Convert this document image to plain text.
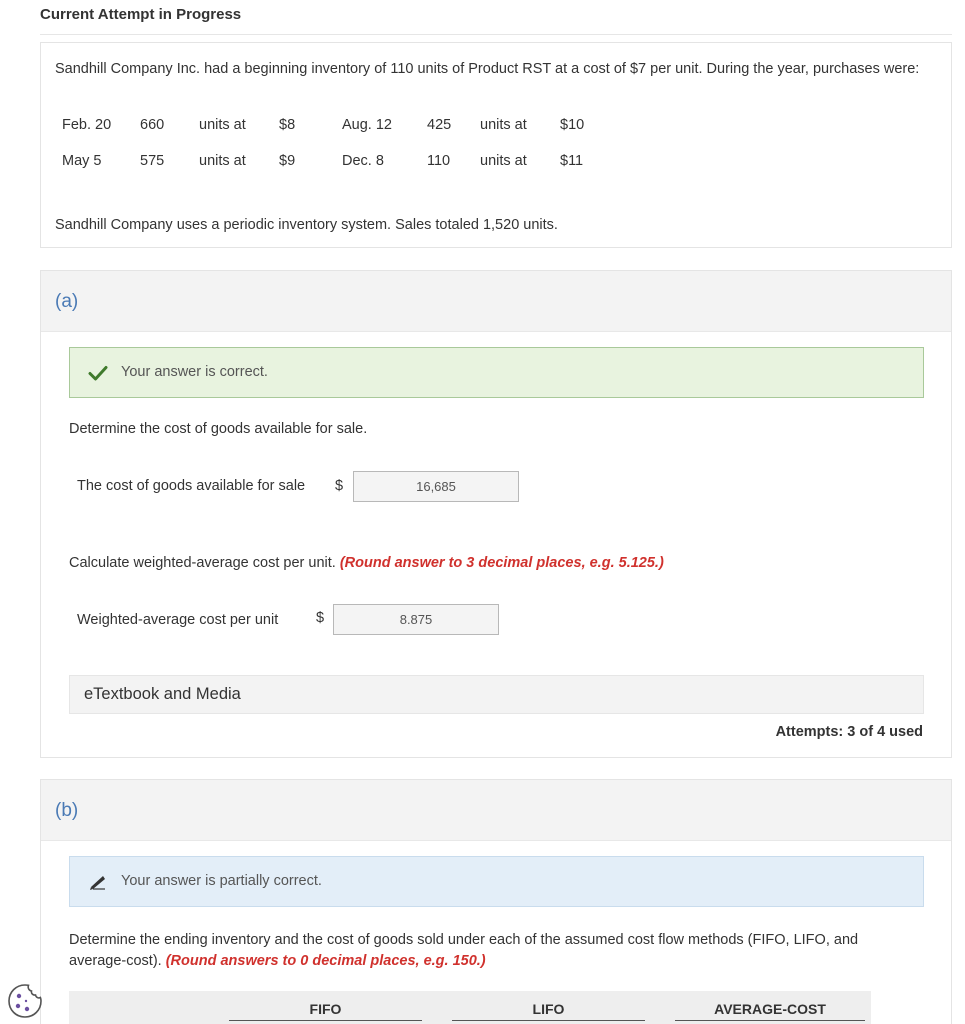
Current Attempt in Progress
Sandhill Company Inc. had a beginning inventory of 110 units of Product RST at a cost of $7 per unit. During the year, purchases were:
Feb. 20	660	units at	$8	Aug. 12	425	units at	$10
May 5	575	units at	$9	Dec. 8	110	units at	$11
Sandhill Company uses a periodic inventory system. Sales totaled 1,520 units.
(a)
Your answer is correct.
Determine the cost of goods available for sale.
The cost of goods available for sale $
16,685
Calculate weighted-average cost per unit. (Round answer to 3 decimal places, e.g. 5.125.)
Weighted-average cost per unit	$
8.875
eTextbook and Media
Attempts: 3 of 4 used
(b)
Your answer is partially correct.
Determine the ending inventory and the cost of goods sold under each of the assumed cost flow methods (FIFO, LIFO, and average-cost). (Round answers to 0 decimal places, e.g. 150.)
FIFO	LIFO	AVERAGE-COST
